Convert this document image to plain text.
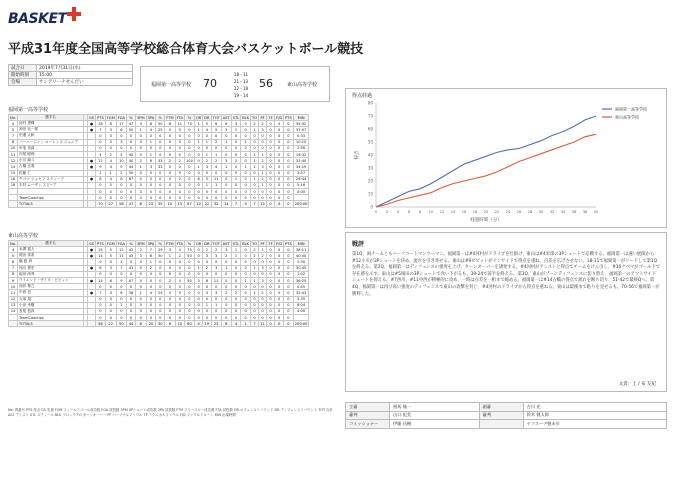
BASKET
平成31年度全国高等学校総合体育大会バスケットボール競技
試合日	2019年7月31日(水)
開始時刻	15:00
会場	サンアリーナせんだい	福岡第一高等学校 70
18 - 11
21 - 13
12 - 18
19 - 14
56	東山高等学校
福岡第一高等学校
No.	選手名		GS	PTS	FGM	FGA	%	3PM	3PA	%	FTM	FTA	%	OR	DR	TOT	AST	STL	BLK	TO	PF	TF	F/D	PTS	MIN
4	河村 勇輝		●	28	8	17	47	4	8	50	8	11	73	1	5	6	6	3	0	2	2	0	4	0	35:32
5	神田 壮一郎		●	7	3	6	50	1	4	25	0	0	0	1	4	5	3	1	0	1	3	0	0	0	37:07
7	田邉 太和			0	0	0	0	0	0	0	0	0	0	0	0	0	0	0	0	0	0	0	0	0	0:33
8	ハーパージャン ローレンス ジュニア			0	0	3	0	0	1	0	0	0	0	1	1	2	1	0	1	0	0	0	0	0	10:10
10	甲斐 英資			0	0	0	0	0	0	0	0	0	0	0	0	0	0	0	0	0	0	0	0	0	2:56
11	内尾 聡理			4	2	5	40	0	1	0	0	0	0	0	1	1	0	0	0	1	1	0	0	0	16:32
12	小川 麻斗		●	12	4	10	40	2	6	33	2	2	100	0	2	2	3	2	0	1	2	0	0	0	32:40
14	古橋 正義		●	9	4	9	44	1	3	33	0	0	0	1	3	4	1	0	1	1	3	0	0	0	34:19
15	佐藤 仁			2	1	2	50	0	0	0	0	0	0	0	0	0	0	0	0	0	1	0	0	0	3:57
16	クベマ ジョセフ スティーブ		●	8	4	6	67	0	0	0	0	2	0	6	5	11	0	1	2	1	2	0	0	0	26:44
18	木村 ムーザン スピーア			0	0	0	0	0	0	0	0	0	0	0	1	1	0	0	0	0	1	0	0	0	5:16
				0	0	0	0	0	0	0	0	0	0	0	0	0	0	0	0	0	0	0	0	0	0:00
	TeamCoaches			0	0	0	0	0	0	0	0	0	0	0	0	0	0	0	0	0	0	0	0	0	
	TOTALS			70	27	58	47	8	23	35	10	15	67	10	22	32	14	7	4	7	15	0	4	0	200:00
東山高等学校
No.	選手名		GS	PTS	FGM	FGA	%	3PM	3PA	%	FTM	FTA	%	OR	DR	TOT	AST	STL	BLK	TO	PF	TF	F/D	PTS	MIN
4	米澤 寛人		●	15	5	12	42	2	7	29	3	4	75	0	2	2	3	1	0	2	1	0	0	0	38:11
5	岡田 泰希		●	14	5	11	45	3	6	50	1	2	50	0	3	3	2	1	0	2	2	0	0	0	40:00
6	脇 藍 真			0	0	1	0	0	1	0	0	0	0	0	0	0	0	0	0	0	0	0	0	0	2:30
7	西川 貴史		●	6	3	7	43	0	2	0	0	0	0	1	2	3	1	0	0	1	3	0	0	0	30:45
8	堀田 尚秀			0	0	0	0	0	0	0	0	0	0	0	0	0	0	0	0	0	0	0	0	0	1:02
9	ウイエンド・ザイダ・ビビット		●	14	6	9	67	0	0	0	2	4	50	3	8	11	0	0	1	1	3	0	0	0	36:25
10	西昇 尊之			0	0	0	0	0	0	0	0	0	0	0	0	0	0	0	0	0	0	0	0	0	0:45
11	中西 良		●	7	3	8	38	1	4	25	0	0	0	0	3	3	2	2	0	1	2	0	0	0	32:43
12	大塚 翔			0	0	0	0	0	0	0	0	0	0	0	0	0	0	0	0	0	0	0	0	0	5:35
13	小泉 幸樹			0	0	2	0	0	0	0	0	0	0	0	1	1	0	0	0	0	0	0	0	0	8:04
14	長尾 悠真			0	0	0	0	0	0	0	0	0	0	0	0	0	0	0	0	0	0	0	0	0	4:00
	TeamCoaches			0	0	0	0	0	0	0	0	0	0	0	0	0	0	0	0	0	0	0	0	0	
	TOTALS			56	22	50	44	6	20	30	6	10	60	4	19	23	8	4	1	7	11	0	0	0	200:00
No. 背番号 PTS 得点 GS 先発 FGM フィールドゴール成功数 FGA 試投数 3PM 3Pシュート成功数 3PA 試投数 FTM フリースロー成功数 FTA 試投数 OR オフェンスリバウンド DR ディフェンスリバウンド TOT 合計 AST アシスト STL スティール BLK ブロック TO ターンオーバー PF パーソナルファウル TF テクニカルファウル F/D ファウルドローン MIN 出場時間
得点経過
0
10
20
30
40
50
60
70
80
0 2 4 6 8 10 12 14 16 18 20 22 24 26 28 30 32 34 36 38 40
経過時間（分）
得点
福岡第一高等学校
東山高等学校
戦評
第1Q、両チームともハーフコートマンツーマン。福岡第一は#4河村がドライブを仕掛け、東山は#4米澤の3Pシュートで応戦する。福岡第一は速い展開から#12小川が3Pシュートを決め、流れを引き寄せる。東山は#9ビビットがインサイドで得点を重ね、点差を広げさせない。18-11で福岡第一がリードして第1Qを終える。第2Q、福岡第一はディフェンスの強度を上げ、ターンオーバーを誘発する。#4河村がアシストと得点でチームをけん引し、#16クベマがゴール下で存在感を示す。東山は#5岡田の3Pシュートで食い下がるも、39-24で前半を終える。第3Q、東山がゾーンディフェンスに切り替え、福岡第一のアウトサイドシュートを抑える。#7西川、#11中西が積極的に攻め、一時は点差を一桁まで縮める。福岡第一は#14古橋の得点で流れを断ち切り、51-42で最終Qへ。第4Q、福岡第一は再び高い強度のディフェンスで東山の攻撃を封じ、#4河村のドライブから得点を重ねる。東山は最後まで粘りを見せるも、70-56で福岡第一が勝利した。
文責：上 / 布 友紀
主審	相馬 隆一	副審	古川 光
審判	山口 紀美	審判	鈴木 健太郎
コミッショナー	伊藤 昌樹		ヤフスーデ勉未歩
